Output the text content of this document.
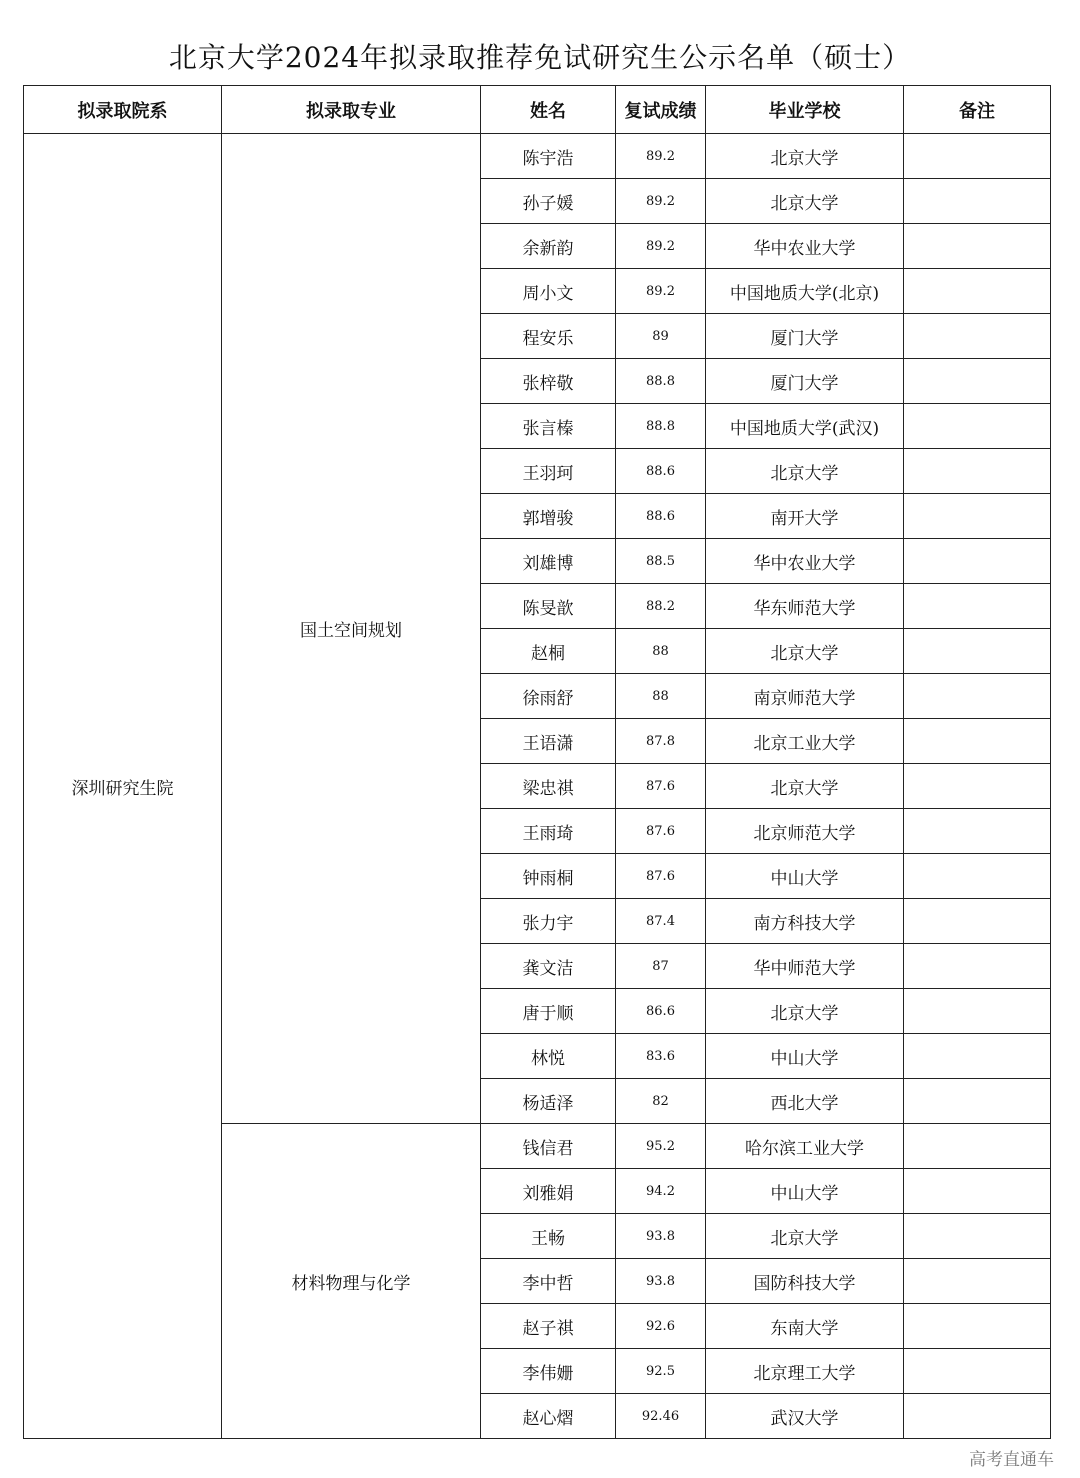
北京大学2024年拟录取推荐免试研究生公示名单（硕士）
拟录取院系	拟录取专业	姓名	复试成绩	毕业学校	备注
深圳研究生院	国土空间规划	陈宇浩	89.2	北京大学	
		孙子媛	89.2	北京大学	
		余新韵	89.2	华中农业大学	
		周小文	89.2	中国地质大学(北京)	
		程安乐	89	厦门大学	
		张梓敬	88.8	厦门大学	
		张言榛	88.8	中国地质大学(武汉)	
		王羽珂	88.6	北京大学	
		郭增骏	88.6	南开大学	
		刘雄博	88.5	华中农业大学	
		陈旻歆	88.2	华东师范大学	
		赵桐	88	北京大学	
		徐雨舒	88	南京师范大学	
		王语潇	87.8	北京工业大学	
		梁忠祺	87.6	北京大学	
		王雨琦	87.6	北京师范大学	
		钟雨桐	87.6	中山大学	
		张力宇	87.4	南方科技大学	
		龚文洁	87	华中师范大学	
		唐于顺	86.6	北京大学	
		林悦	83.6	中山大学	
		杨适泽	82	西北大学	
	材料物理与化学	钱信君	95.2	哈尔滨工业大学	
		刘雅娟	94.2	中山大学	
		王畅	93.8	北京大学	
		李中哲	93.8	国防科技大学	
		赵子祺	92.6	东南大学	
		李伟姗	92.5	北京理工大学	
		赵心熠	92.46	武汉大学	
高考直通车
